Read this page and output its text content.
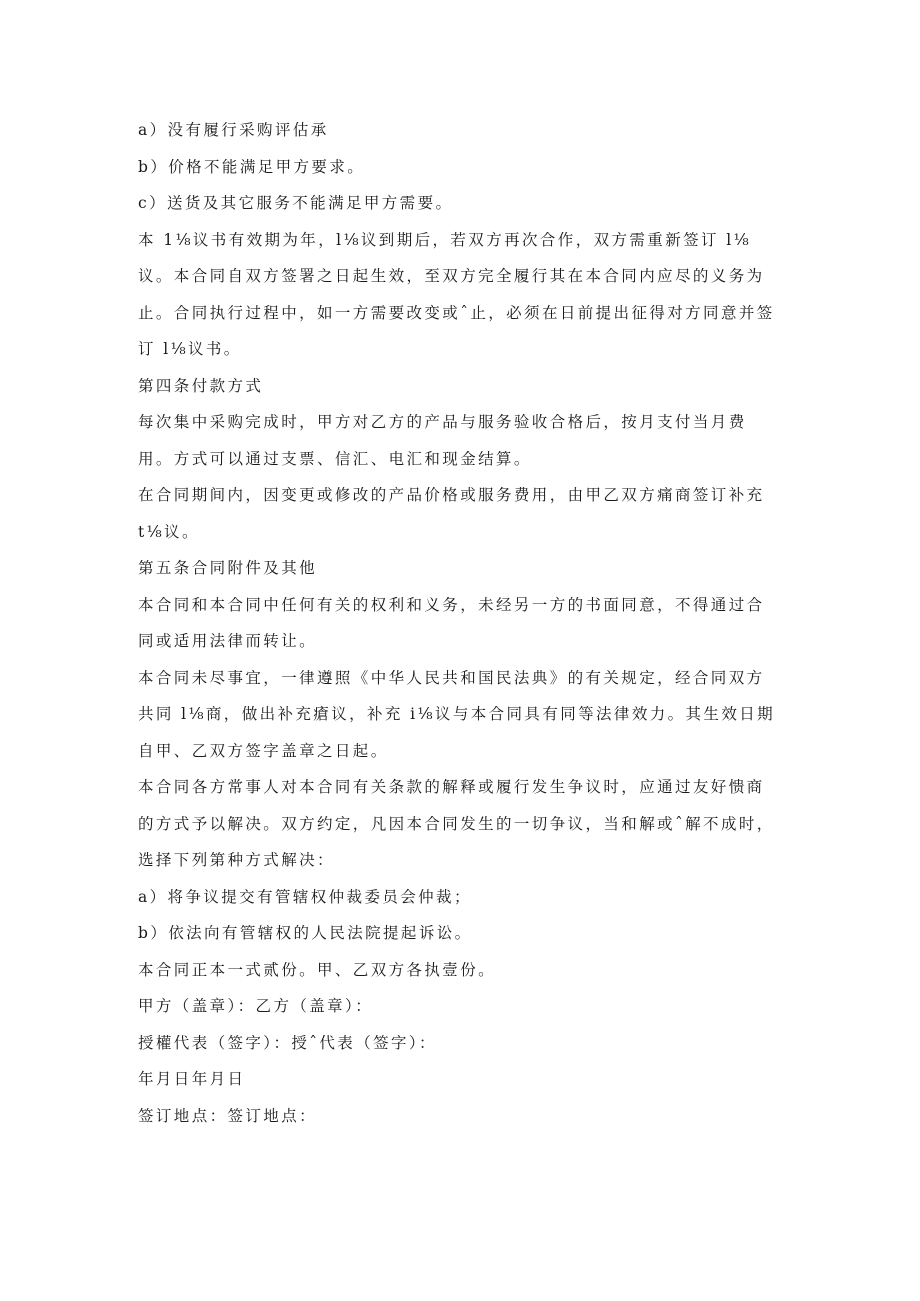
a）没有履行采购评估承

b）价格不能满足甲方要求。

c）送货及其它服务不能满足甲方需要。

本 1⅛议书有效期为年，l⅛议到期后，若双方再次合作，双方需重新签订 l⅛议。本合同自双方签署之日起生效，至双方完全履行其在本合同内应尽的义务为止。合同执行过程中，如一方需要改变或ˆ止，必须在日前提出征得对方同意并签订 l⅛议书。

第四条付款方式

每次集中采购完成时，甲方对乙方的产品与服务验收合格后，按月支付当月费用。方式可以通过支票、信汇、电汇和现金结算。

在合同期间内，因变更或修改的产品价格或服务费用，由甲乙双方痛商签订补充 t⅛议。

第五条合同附件及其他

本合同和本合同中任何有关的权利和义务，未经另一方的书面同意，不得通过合同或适用法律而转让。

本合同未尽事宜，一律遵照《中华人民共和国民法典》的有关规定，经合同双方共同 l⅛商，做出补充瘡议，补充 i⅛议与本合同具有同等法律效力。其生效日期自甲、乙双方签字盖章之日起。

本合同各方常事人对本合同有关条款的解释或履行发生争议时，应通过友好愦商的方式予以解决。双方约定，凡因本合同发生的一切争议，当和解或ˆ解不成时，选择下列第种方式解决：

a）将争议提交有管辖权仲裁委员会仲裁；

b）依法向有管辖权的人民法院提起诉讼。

本合同正本一式贰份。甲、乙双方各执壹份。

甲方（盖章）：乙方（盖章）：

授權代表（签字）：授ˆ代表（签字）：

年月日年月日

签订地点：签订地点：
